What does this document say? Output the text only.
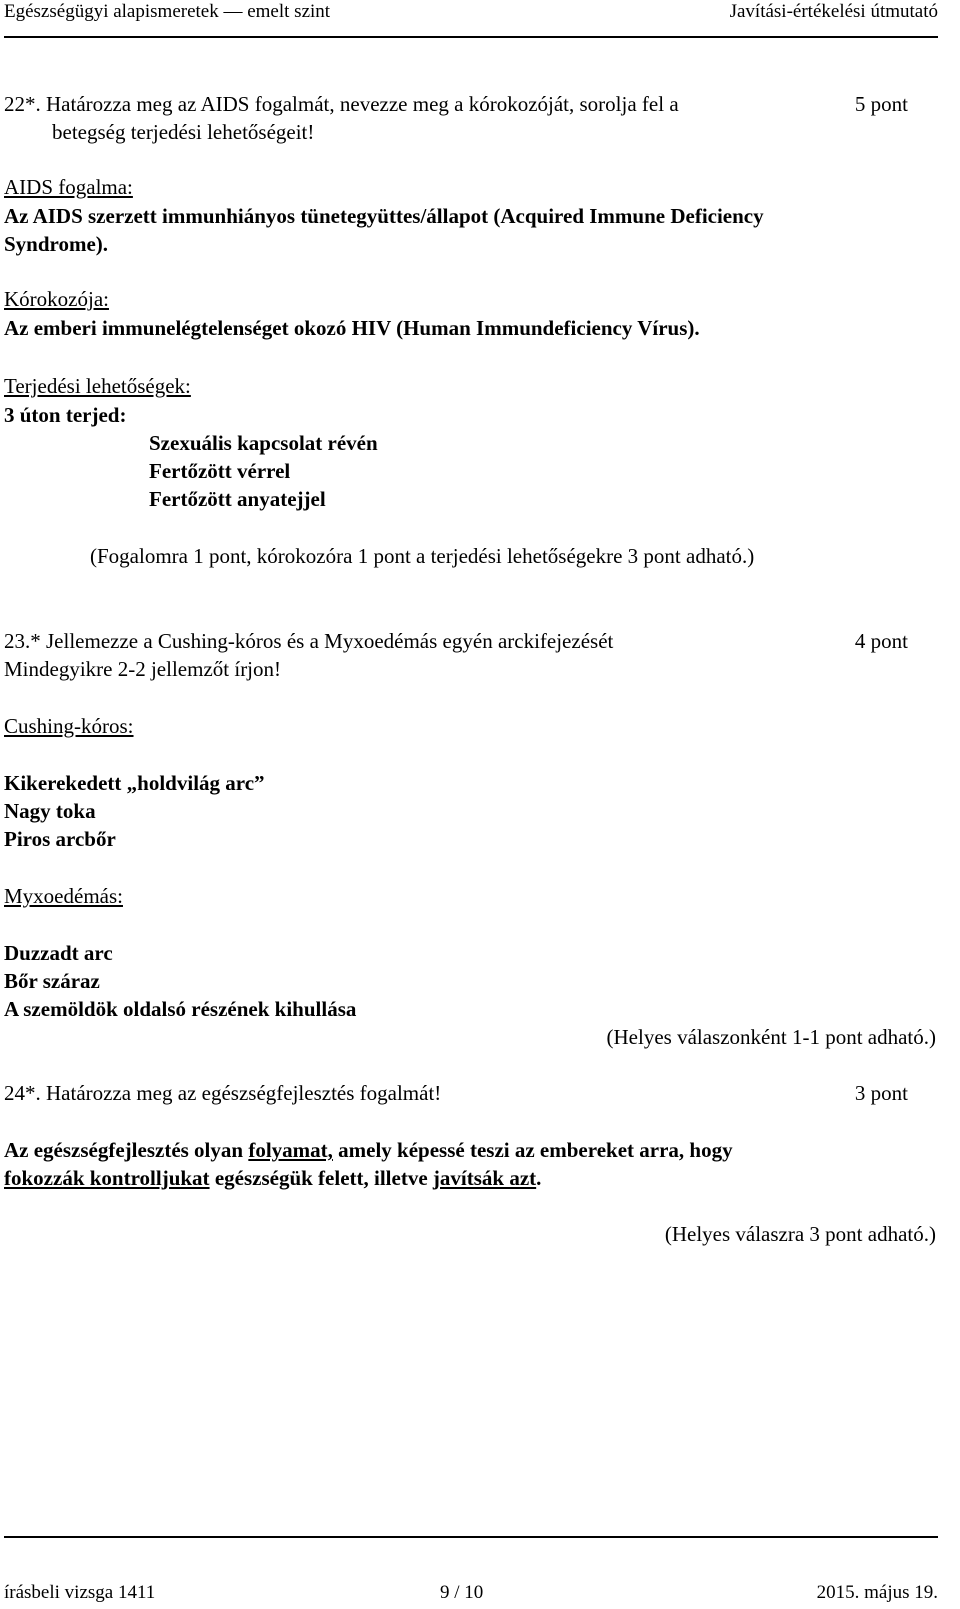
Egészségügyi alapismeretek — emelt szint	Javítási-értékelési útmutató
22*. Határozza meg az AIDS fogalmát, nevezze meg a kórokozóját, sorolja fel a	5 pont
betegség terjedési lehetőségeit!
AIDS fogalma:
Az AIDS szerzett immunhiányos tünetegyüttes/állapot (Acquired Immune Deficiency
Syndrome).
Kórokozója:
Az emberi immunelégtelenséget okozó HIV (Human Immundeficiency Vírus).
Terjedési lehetőségek:
3 úton terjed:
Szexuális kapcsolat révén
Fertőzött vérrel
Fertőzött anyatejjel
(Fogalomra 1 pont, kórokozóra 1 pont a terjedési lehetőségekre 3 pont adható.)
23.* Jellemezze a Cushing-kóros és a Myxoedémás egyén arckifejezését	4 pont
Mindegyikre 2-2 jellemzőt írjon!
Cushing-kóros:
Kikerekedett „holdvilág arc”
Nagy toka
Piros arcbőr
Myxoedémás:
Duzzadt arc
Bőr száraz
A szemöldök oldalsó részének kihullása
(Helyes válaszonként 1-1 pont adható.)
24*. Határozza meg az egészségfejlesztés fogalmát!	3 pont
Az egészségfejlesztés olyan folyamat, amely képessé teszi az embereket arra, hogy
fokozzák kontrolljukat egészségük felett, illetve javítsák azt.
(Helyes válaszra 3 pont adható.)
írásbeli vizsga 1411	9 / 10	2015. május 19.
